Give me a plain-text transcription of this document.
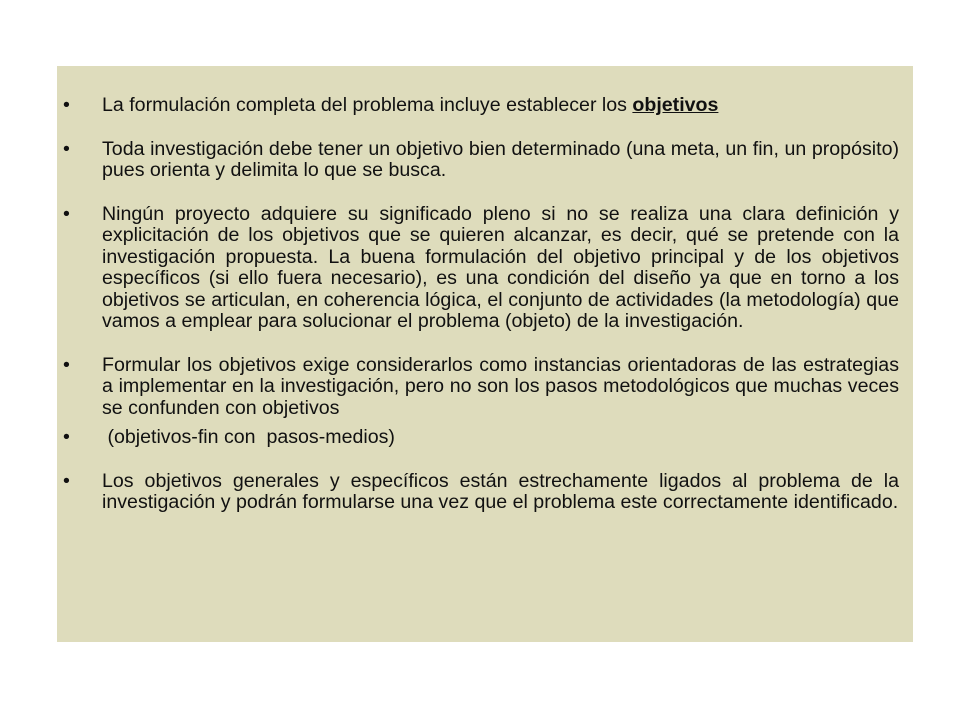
• La formulación completa del problema incluye establecer los objetivos
• Toda investigación debe tener un objetivo bien determinado (una meta, un fin, un propósito) pues orienta y delimita lo que se busca.
• Ningún proyecto adquiere su significado pleno si no se realiza una clara definición y explicitación de los objetivos que se quieren alcanzar, es decir, qué se pretende con la investigación propuesta. La buena formulación del objetivo principal y de los objetivos específicos (si ello fuera necesario), es una condición del diseño ya que en torno a los objetivos se articulan, en coherencia lógica, el conjunto de actividades (la metodología) que vamos a emplear para solucionar el problema (objeto) de la investigación.
• Formular los objetivos exige considerarlos como instancias orientadoras de las estrategias a implementar en la investigación, pero no son los pasos metodológicos que muchas veces se confunden con objetivos
• (objetivos-fin con  pasos-medios)
• Los objetivos generales y específicos están estrechamente ligados al problema de la investigación y podrán formularse una vez que el problema este correctamente identificado.
